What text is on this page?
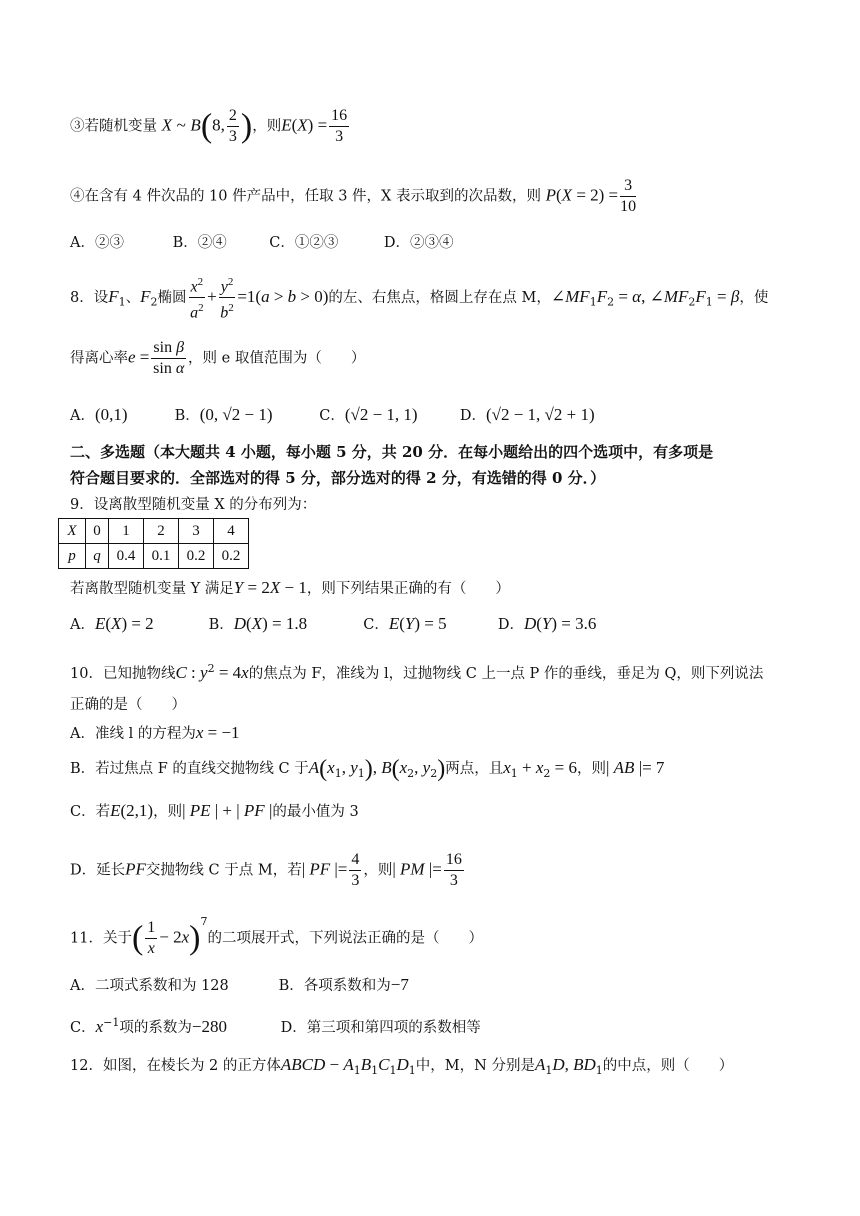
③若随机变量 X ~ B(8, $\frac{2}{3}$ )，则$E(X) = \frac{16}{3}$
④在含有 4 件次品的 10 件产品中，任取 3 件，X 表示取到的次品数，则 $P(X = 2) = \frac{3}{10}$
A．②③	B．②④	C．①②③	D．②③④
8．设$F_1$、$F_2$椭圆 $\frac{x^2}{a^2} + \frac{y^2}{b^2} =1(a > b > 0)$的左、右焦点，格圆上存在点 M，$\angle MF_1F_2 = \alpha$, $\angle MF_2F_1 = \beta$，使
得离心率$e = \frac{\text{sin β}}{\text{sin α}}$ ，则 e 取值范围为（　　）
A．(0,1)	B．(0, √2 − 1)	C．(√2 − 1, 1)	D．(√2 − 1, √2 + 1)
二、多选题（本大题共 4 小题，每小题 5 分，共 20 分．在每小题给出的四个选项中，有多项是
符合题目要求的．全部选对的得 5 分，部分选对的得 2 分，有选错的得 0 分．）
9．设离散型随机变量 X 的分布列为：
X	0	1	2	3	4
p	q	0.4	0.1	0.2	0.2
若离散型随机变量 Y 满足Y = 2X − 1，则下列结果正确的有（　　）
A．E(X) = 2	B．D(X) = 1.8	C．E(Y) = 5	D．D(Y) = 3.6
10．已知抛物线C : $y^2 = 4x$的焦点为 F，准线为 l，过抛物线 C 上一点 P 作的垂线，垂足为 Q，则下列说法
正确的是（　　）
A．准线 l 的方程为x = −1
B．若过焦点 F 的直线交抛物线 C 于$A(x_1$, $y_1$), $B(x_2$, $y_2$)两点，且$x_1 + x_2 = 6$，则| AB |= 7
C．若E(2,1)，则| PE | + | PF |的最小值为 3
D．延长PF交抛物线 C 于点 M，若| PF |= $\frac{4}{3}$ ，则| PM |= $\frac{16}{3}$
11．关于( $\frac{1}{x} - 2x)^7$的二项展开式，下列说法正确的是（　　）
A．二项式系数和为 128	B．各项系数和为−7
C．$x^{-1}$项的系数为−280	D．第三项和第四项的系数相等
12．如图，在棱长为 2 的正方体ABCD − $A_1B_1C_1D_1$中，M，N 分别是$A_1D$, $BD_1$的中点，则（　　）
